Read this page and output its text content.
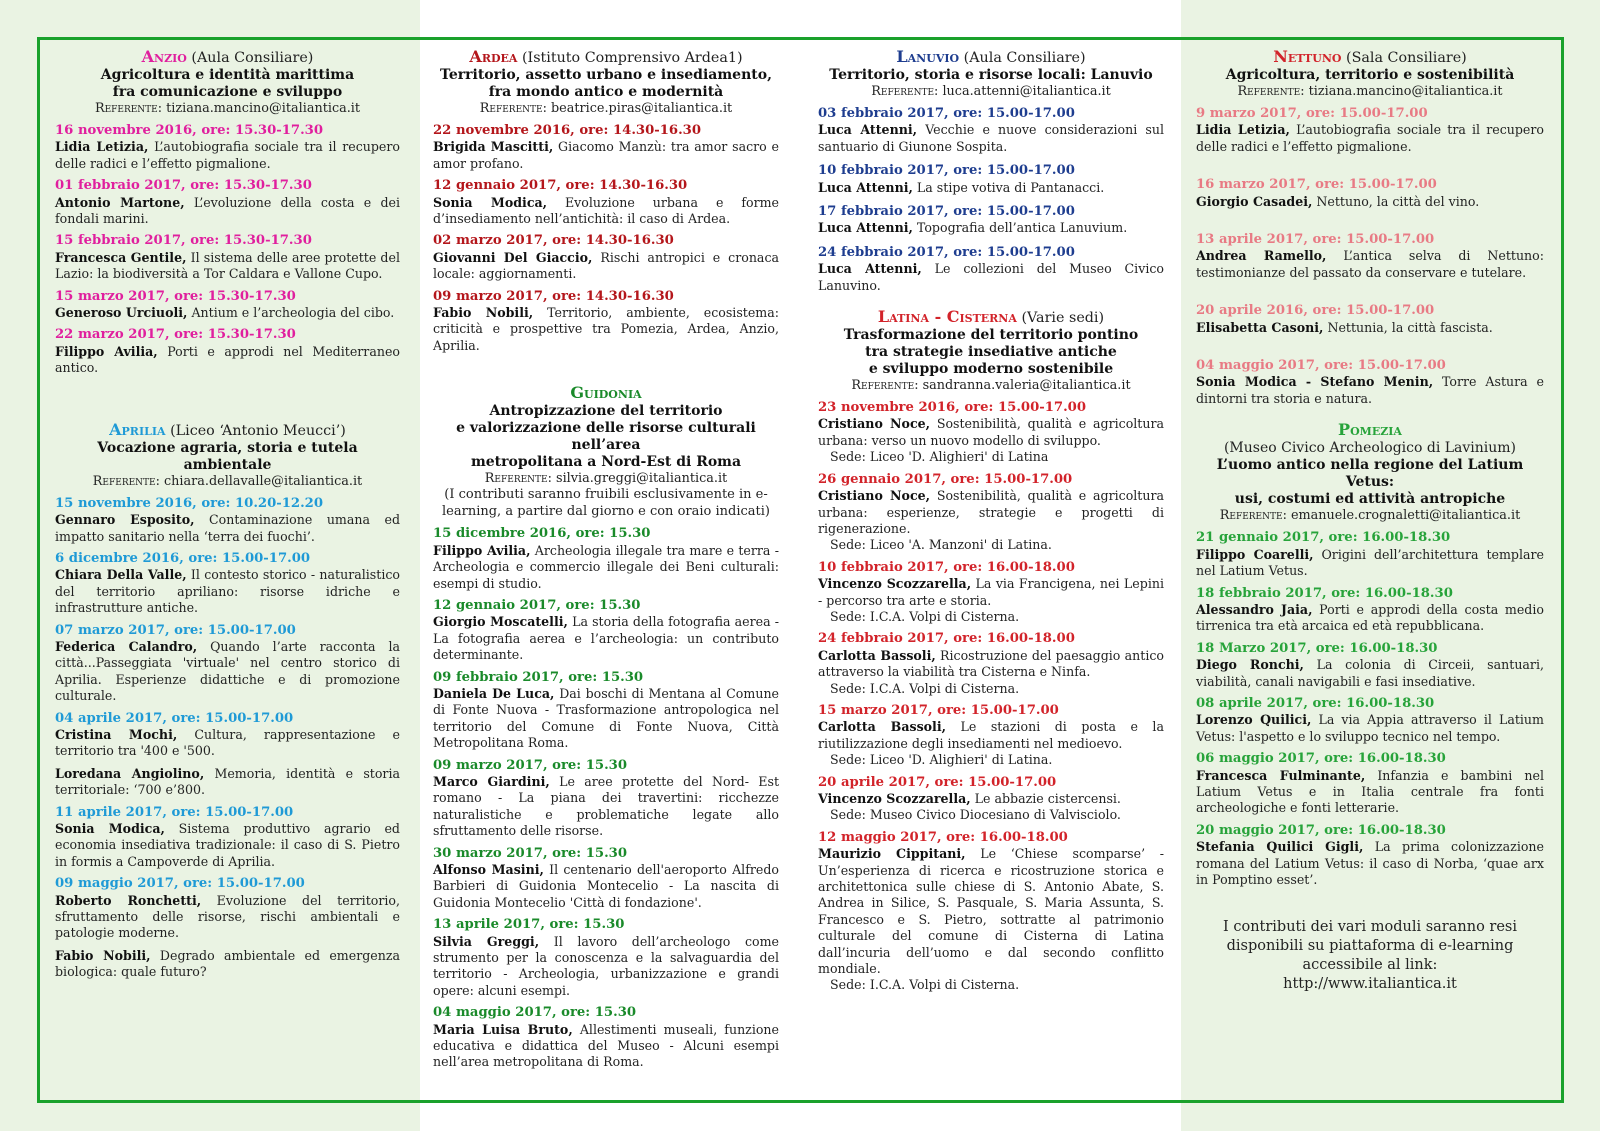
Anzio (Aula Consiliare)
Agricoltura e identità marittima
fra comunicazione e sviluppo
Referente: tiziana.mancino@italiantica.it
16 novembre 2016, ore: 15.30-17.30
Lidia Letizia, L’autobiografia sociale tra il recupero delle radici e l’effetto pigmalione.
01 febbraio 2017, ore: 15.30-17.30
Antonio Martone, L’evoluzione della costa e dei fondali marini.
15 febbraio 2017, ore: 15.30-17.30
Francesca Gentile, Il sistema delle aree protette del Lazio: la biodiversità a Tor Caldara e Vallone Cupo.
15 marzo 2017, ore: 15.30-17.30
Generoso Urciuoli, Antium e l’archeologia del cibo.
22 marzo 2017, ore: 15.30-17.30
Filippo Avilia, Porti e approdi nel Mediterraneo antico.
Aprilia (Liceo ‘Antonio Meucci’)
Vocazione agraria, storia e tutela ambientale
Referente: chiara.dellavalle@italiantica.it
15 novembre 2016, ore: 10.20-12.20
Gennaro Esposito, Contaminazione umana ed impatto sanitario nella ‘terra dei fuochi’.
6 dicembre 2016, ore: 15.00-17.00
Chiara Della Valle, Il contesto storico - naturalistico del territorio apriliano: risorse idriche e infrastrutture antiche.
07 marzo 2017, ore: 15.00-17.00
Federica Calandro, Quando l’arte racconta la città...Passeggiata 'virtuale' nel centro storico di Aprilia. Esperienze didattiche e di promozione culturale.
04 aprile 2017, ore: 15.00-17.00
Cristina Mochi, Cultura, rappresentazione e territorio tra '400 e '500.
Loredana Angiolino, Memoria, identità e storia territoriale: ‘700 e’800.
11 aprile 2017, ore: 15.00-17.00
Sonia Modica, Sistema produttivo agrario ed economia insediativa tradizionale: il caso di S. Pietro in formis a Campoverde di Aprilia.
09 maggio 2017, ore: 15.00-17.00
Roberto Ronchetti, Evoluzione del territorio, sfruttamento delle risorse, rischi ambientali e patologie moderne.
Fabio Nobili, Degrado ambientale ed emergenza biologica: quale futuro?
Ardea (Istituto Comprensivo Ardea1)
Territorio, assetto urbano e insediamento,
fra mondo antico e modernità
Referente: beatrice.piras@italiantica.it
22 novembre 2016, ore: 14.30-16.30
Brigida Mascitti, Giacomo Manzù: tra amor sacro e amor profano.
12 gennaio 2017, ore: 14.30-16.30
Sonia Modica, Evoluzione urbana e forme d’insediamento nell’antichità: il caso di Ardea.
02 marzo 2017, ore: 14.30-16.30
Giovanni Del Giaccio, Rischi antropici e cronaca locale: aggiornamenti.
09 marzo 2017, ore: 14.30-16.30
Fabio Nobili, Territorio, ambiente, ecosistema: criticità e prospettive tra Pomezia, Ardea, Anzio, Aprilia.
Guidonia
Antropizzazione del territorio
e valorizzazione delle risorse culturali nell’area
metropolitana a Nord-Est di Roma
Referente: silvia.greggi@italiantica.it
(I contributi saranno fruibili esclusivamente in e-learning, a partire dal giorno e con oraio indicati)
15 dicembre 2016, ore: 15.30
Filippo Avilia, Archeologia illegale tra mare e terra - Archeologia e commercio illegale dei Beni culturali: esempi di studio.
12 gennaio 2017, ore: 15.30
Giorgio Moscatelli, La storia della fotografia aerea - La fotografia aerea e l’archeologia: un contributo determinante.
09 febbraio 2017, ore: 15.30
Daniela De Luca, Dai boschi di Mentana al Comune di Fonte Nuova - Trasformazione antropologica nel territorio del Comune di Fonte Nuova, Città Metropolitana Roma.
09 marzo 2017, ore: 15.30
Marco Giardini, Le aree protette del Nord- Est romano - La piana dei travertini: ricchezze naturalistiche e problematiche legate allo sfruttamento delle risorse.
30 marzo 2017, ore: 15.30
Alfonso Masini, Il centenario dell'aeroporto Alfredo Barbieri di Guidonia Montecelio - La nascita di Guidonia Montecelio 'Città di fondazione'.
13 aprile 2017, ore: 15.30
Silvia Greggi, Il lavoro dell’archeologo come strumento per la conoscenza e la salvaguardia del territorio - Archeologia, urbanizzazione e grandi opere: alcuni esempi.
04 maggio 2017, ore: 15.30
Maria Luisa Bruto, Allestimenti museali, funzione educativa e didattica del Museo - Alcuni esempi nell’area metropolitana di Roma.
Lanuvio (Aula Consiliare)
Territorio, storia e risorse locali: Lanuvio
Referente: luca.attenni@italiantica.it
03 febbraio 2017, ore: 15.00-17.00
Luca Attenni, Vecchie e nuove considerazioni sul santuario di Giunone Sospita.
10 febbraio 2017, ore: 15.00-17.00
Luca Attenni, La stipe votiva di Pantanacci.
17 febbraio 2017, ore: 15.00-17.00
Luca Attenni, Topografia dell’antica Lanuvium.
24 febbraio 2017, ore: 15.00-17.00
Luca Attenni, Le collezioni del Museo Civico Lanuvino.
Latina - Cisterna (Varie sedi)
Trasformazione del territorio pontino
tra strategie insediative antiche
e sviluppo moderno sostenibile
Referente: sandranna.valeria@italiantica.it
23 novembre 2016, ore: 15.00-17.00
Cristiano Noce, Sostenibilità, qualità e agricoltura urbana: verso un nuovo modello di sviluppo.
Sede: Liceo 'D. Alighieri' di Latina
26 gennaio 2017, ore: 15.00-17.00
Cristiano Noce, Sostenibilità, qualità e agricoltura urbana: esperienze, strategie e progetti di rigenerazione.
Sede: Liceo 'A. Manzoni' di Latina.
10 febbraio 2017, ore: 16.00-18.00
Vincenzo Scozzarella, La via Francigena, nei Lepini - percorso tra arte e storia.
Sede: I.C.A. Volpi di Cisterna.
24 febbraio 2017, ore: 16.00-18.00
Carlotta Bassoli, Ricostruzione del paesaggio antico attraverso la viabilità tra Cisterna e Ninfa.
Sede: I.C.A. Volpi di Cisterna.
15 marzo 2017, ore: 15.00-17.00
Carlotta Bassoli, Le stazioni di posta e la riutilizzazione degli insediamenti nel medioevo.
Sede: Liceo 'D. Alighieri' di Latina.
20 aprile 2017, ore: 15.00-17.00
Vincenzo Scozzarella, Le abbazie cistercensi.
Sede: Museo Civico Diocesiano di Valvisciolo.
12 maggio 2017, ore: 16.00-18.00
Maurizio Cippitani, Le ‘Chiese scomparse’ - Un’esperienza di ricerca e ricostruzione storica e architettonica sulle chiese di S. Antonio Abate, S. Andrea in Silice, S. Pasquale, S. Maria Assunta, S. Francesco e S. Pietro, sottratte al patrimonio culturale del comune di Cisterna di Latina dall’incuria dell’uomo e dal secondo conflitto mondiale.
Sede: I.C.A. Volpi di Cisterna.
Nettuno (Sala Consiliare)
Agricoltura, territorio e sostenibilità
Referente: tiziana.mancino@italiantica.it
9 marzo 2017, ore: 15.00-17.00
Lidia Letizia, L’autobiografia sociale tra il recupero delle radici e l’effetto pigmalione.
16 marzo 2017, ore: 15.00-17.00
Giorgio Casadei, Nettuno, la città del vino.
13 aprile 2017, ore: 15.00-17.00
Andrea Ramello, L’antica selva di Nettuno: testimonianze del passato da conservare e tutelare.
20 aprile 2016, ore: 15.00-17.00
Elisabetta Casoni, Nettunia, la città fascista.
04 maggio 2017, ore: 15.00-17.00
Sonia Modica - Stefano Menin, Torre Astura e dintorni tra storia e natura.
Pomezia
(Museo Civico Archeologico di Lavinium)
L’uomo antico nella regione del Latium Vetus:
usi, costumi ed attività antropiche
Referente: emanuele.crognaletti@italiantica.it
21 gennaio 2017, ore: 16.00-18.30
Filippo Coarelli, Origini dell’architettura templare nel Latium Vetus.
18 febbraio 2017, ore: 16.00-18.30
Alessandro Jaia, Porti e approdi della costa medio tirrenica tra età arcaica ed età repubblicana.
18 Marzo 2017, ore: 16.00-18.30
Diego Ronchi, La colonia di Circeii, santuari, viabilità, canali navigabili e fasi insediative.
08 aprile 2017, ore: 16.00-18.30
Lorenzo Quilici, La via Appia attraverso il Latium Vetus: l'aspetto e lo sviluppo tecnico nel tempo.
06 maggio 2017, ore: 16.00-18.30
Francesca Fulminante, Infanzia e bambini nel Latium Vetus e in Italia centrale fra fonti archeologiche e fonti letterarie.
20 maggio 2017, ore: 16.00-18.30
Stefania Quilici Gigli, La prima colonizzazione romana del Latium Vetus: il caso di Norba, ‘quae arx in Pomptino esset’.
I contributi dei vari moduli saranno resi
disponibili su piattaforma di e-learning
accessibile al link:
http://www.italiantica.it
